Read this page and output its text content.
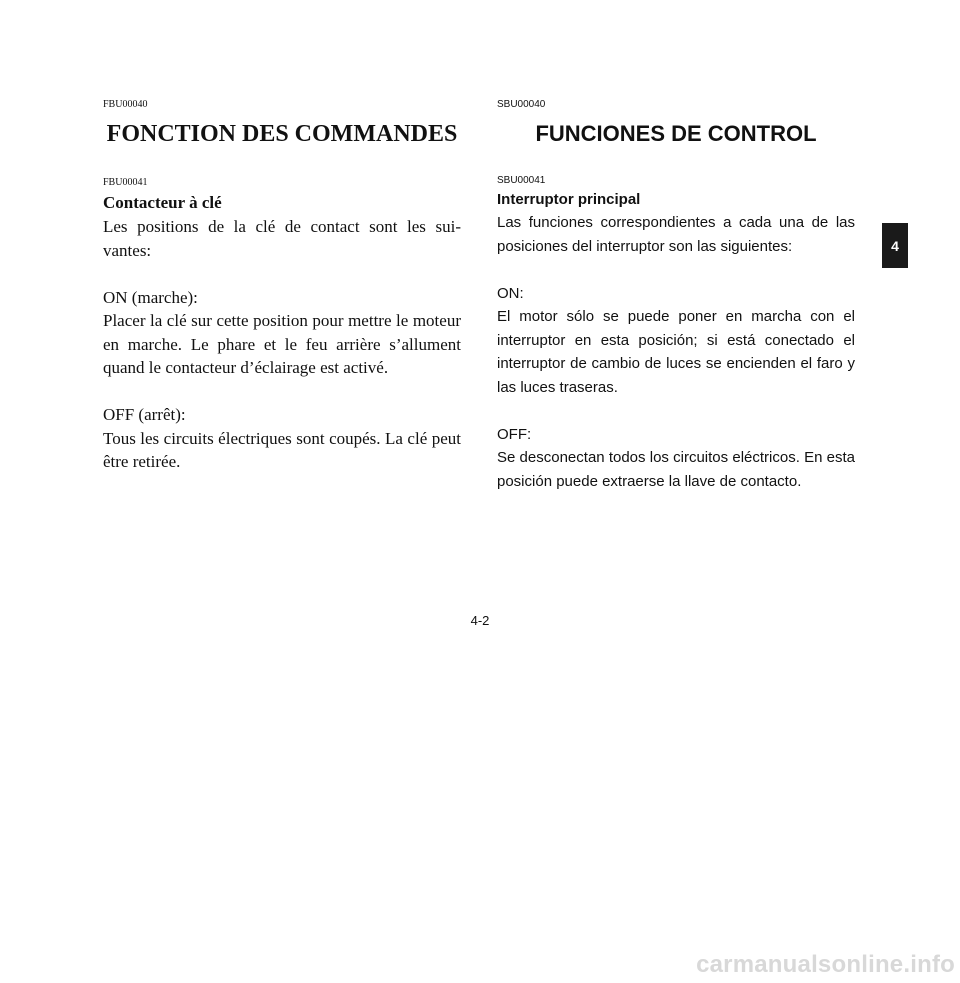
FBU00040

FONCTION DES COMMANDES

FBU00041

Contacteur à clé

Les positions de la clé de contact sont les sui- vantes:

ON (marche):

Placer la clé sur cette position pour mettre le moteur en marche. Le phare et le feu arrière s’allument quand le contacteur d’éclairage est activé.

OFF (arrêt):

Tous les circuits électriques sont coupés. La clé peut être retirée.

SBU00040

FUNCIONES DE CONTROL

SBU00041

Interruptor principal

Las funciones correspondientes a cada una de las posiciones del interruptor son las siguientes:

ON:

El motor sólo se puede poner en marcha con el interruptor en esta posición; si está conectado el interruptor de cambio de luces se encienden el faro y las luces traseras.

OFF:

Se desconectan todos los circuitos eléctricos. En esta posición puede extraerse la llave de contacto.

4-2
4
carmanualsonline.info
